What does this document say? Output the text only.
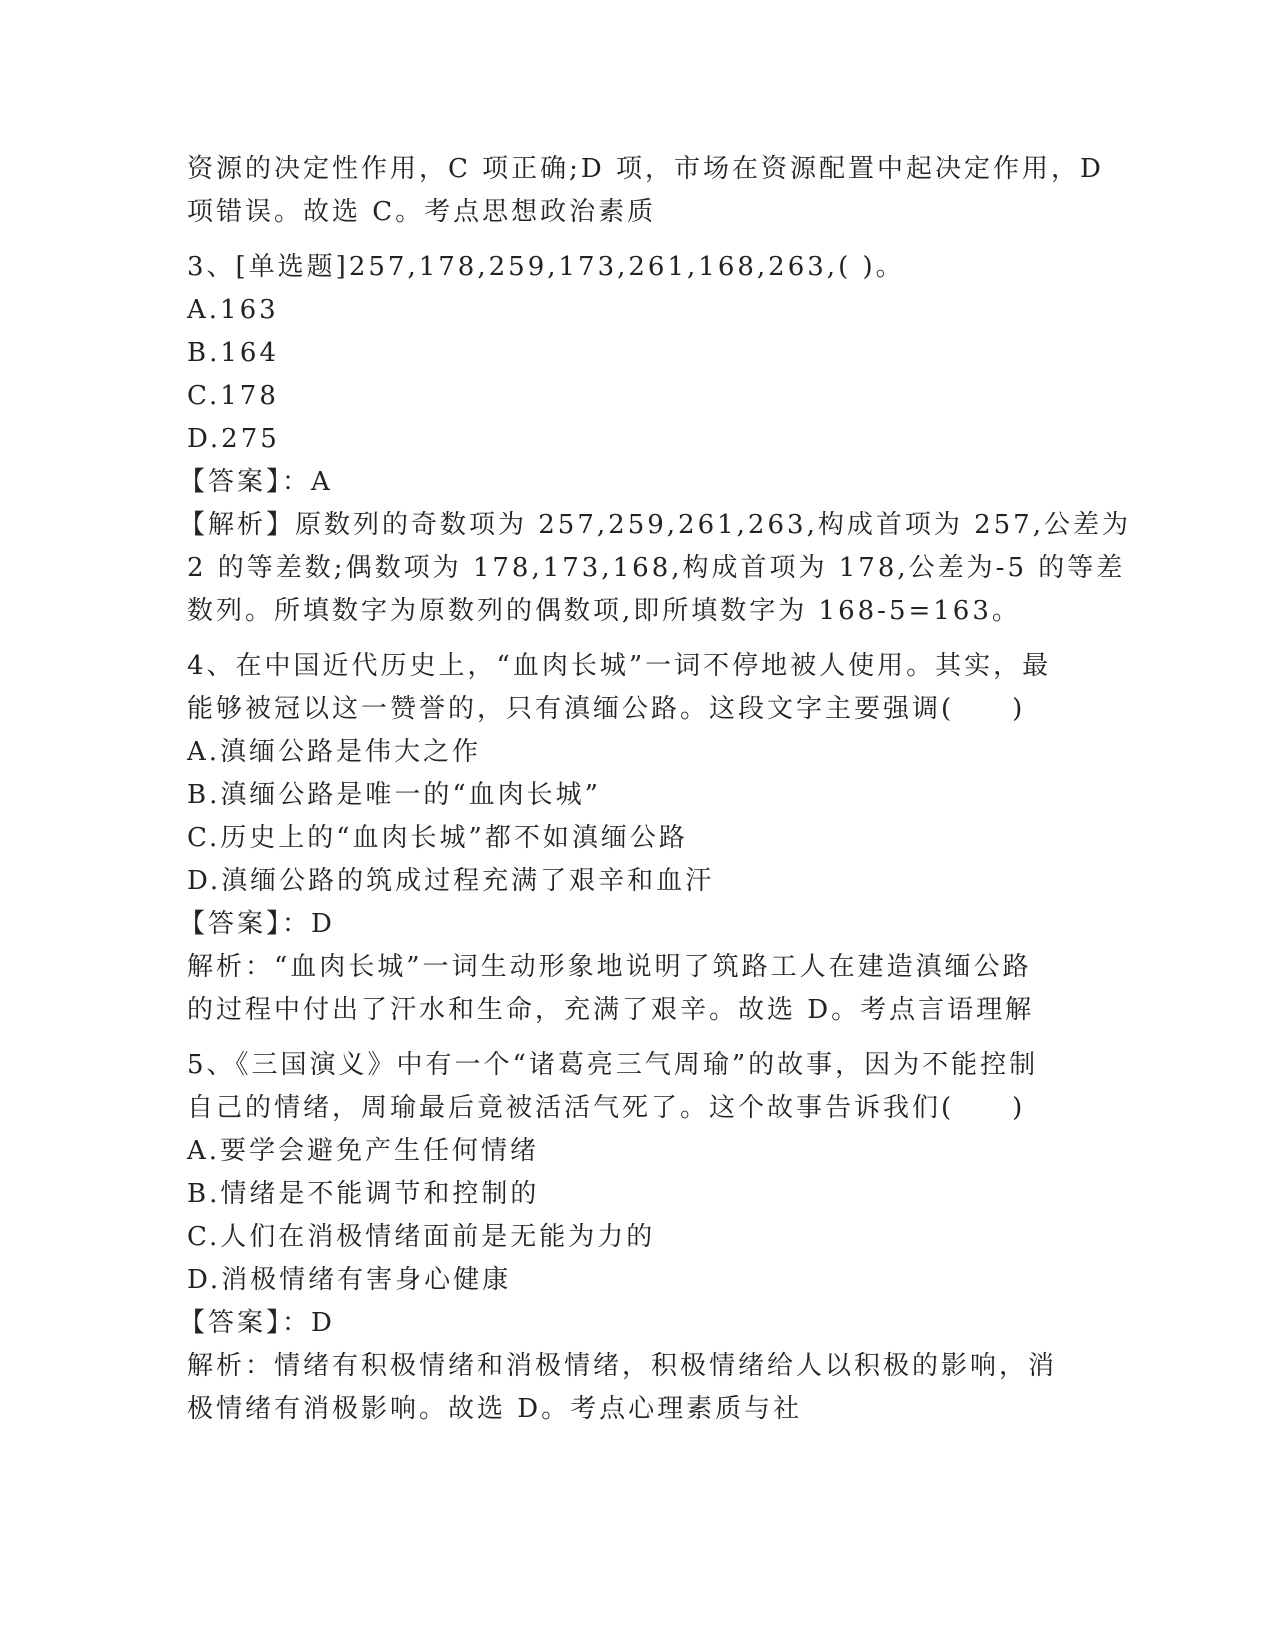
资源的决定性作用，C 项正确;D 项，市场在资源配置中起决定作用，D
项错误。故选 C。考点思想政治素质
3、[单选题]257,178,259,173,261,168,263,( )。
A.163
B.164
C.178
D.275
【答案】：A
【解析】原数列的奇数项为 257,259,261,263,构成首项为 257,公差为
2 的等差数;偶数项为 178,173,168,构成首项为 178,公差为-5 的等差
数列。所填数字为原数列的偶数项,即所填数字为 168-5=163。
4、在中国近代历史上，“血肉长城”一词不停地被人使用。其实，最
能够被冠以这一赞誉的，只有滇缅公路。这段文字主要强调(　　)
A.滇缅公路是伟大之作
B.滇缅公路是唯一的“血肉长城”
C.历史上的“血肉长城”都不如滇缅公路
D.滇缅公路的筑成过程充满了艰辛和血汗
【答案】：D
解析：“血肉长城”一词生动形象地说明了筑路工人在建造滇缅公路
的过程中付出了汗水和生命，充满了艰辛。故选 D。考点言语理解
5、《三国演义》中有一个“诸葛亮三气周瑜”的故事，因为不能控制
自己的情绪，周瑜最后竟被活活气死了。这个故事告诉我们(　　)
A.要学会避免产生任何情绪
B.情绪是不能调节和控制的
C.人们在消极情绪面前是无能为力的
D.消极情绪有害身心健康
【答案】：D
解析：情绪有积极情绪和消极情绪，积极情绪给人以积极的影响，消
极情绪有消极影响。故选 D。考点心理素质与社
